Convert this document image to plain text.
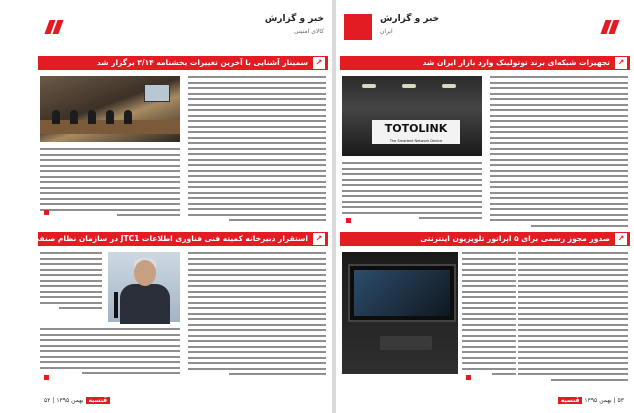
خبر و گزارش
کالای امنیتی
سمینار آشنایی با آخرین تغییرات بخشنامه ۳/۱۴ برگزار شد ↗
استقرار دبیرخانه کمیته فنی فناوری اطلاعات JTC1 در سازمان نظام صنفی رایانه‌ای ↗
فُنسیه بهمن ۱۳۹۵ | ۵۲
خبر و گزارش
ایران
تجهیزات شبکه‌ای برند توتولینک وارد بازار ایران شد ↗
TOTOLINK
The Smartest Network Device
صدور مجوز رسمی برای ۵ اپراتور تلویزیون اینترنتی ↗
۵۳ | بهمن ۱۳۹۵ فُنسیه
